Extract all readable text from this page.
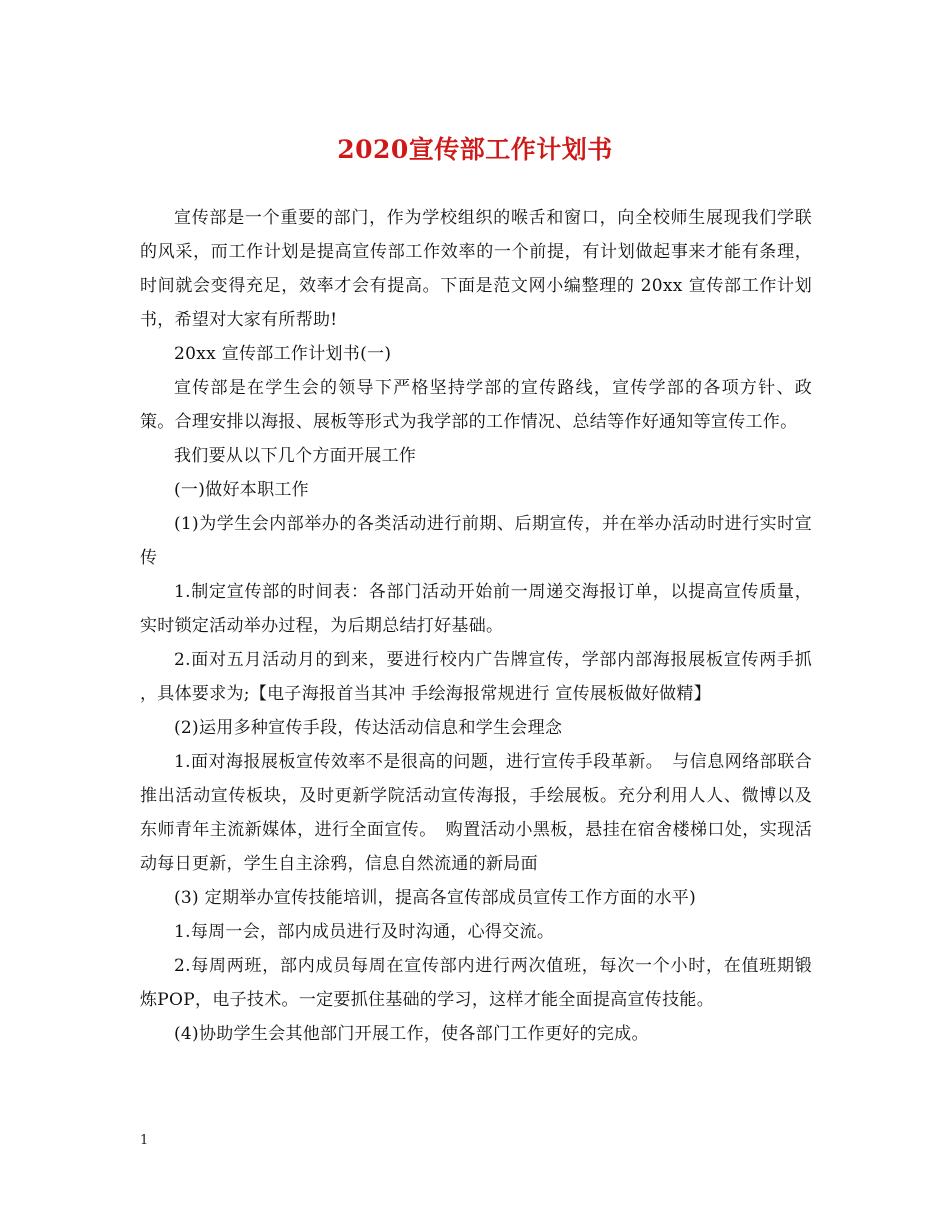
2020宣传部工作计划书

宣传部是一个重要的部门，作为学校组织的喉舌和窗口，向全校师生展现我们学联的风采，而工作计划是提高宣传部工作效率的一个前提，有计划做起事来才能有条理，时间就会变得充足，效率才会有提高。下面是范文网小编整理的 20xx 宣传部工作计划书，希望对大家有所帮助!

20xx 宣传部工作计划书(一)

宣传部是在学生会的领导下严格坚持学部的宣传路线，宣传学部的各项方针、政策。合理安排以海报、展板等形式为我学部的工作情况、总结等作好通知等宣传工作。

我们要从以下几个方面开展工作

(一)做好本职工作

(1)为学生会内部举办的各类活动进行前期、后期宣传，并在举办活动时进行实时宣传

1.制定宣传部的时间表：各部门活动开始前一周递交海报订单，以提高宣传质量，实时锁定活动举办过程，为后期总结打好基础。

2.面对五月活动月的到来，要进行校内广告牌宣传，学部内部海报展板宣传两手抓 ，具体要求为;【电子海报首当其冲 手绘海报常规进行 宣传展板做好做精】

(2)运用多种宣传手段，传达活动信息和学生会理念

1.面对海报展板宣传效率不是很高的问题，进行宣传手段革新。　与信息网络部联合推出活动宣传板块，及时更新学院活动宣传海报，手绘展板。充分利用人人、微博以及东师青年主流新媒体，进行全面宣传。　购置活动小黑板，悬挂在宿舍楼梯口处，实现活动每日更新，学生自主涂鸦，信息自然流通的新局面

(3) 定期举办宣传技能培训，提高各宣传部成员宣传工作方面的水平)

1.每周一会，部内成员进行及时沟通，心得交流。

2.每周两班，部内成员每周在宣传部内进行两次值班，每次一个小时，在值班期锻炼POP，电子技术。一定要抓住基础的学习，这样才能全面提高宣传技能。

(4)协助学生会其他部门开展工作，使各部门工作更好的完成。

1
